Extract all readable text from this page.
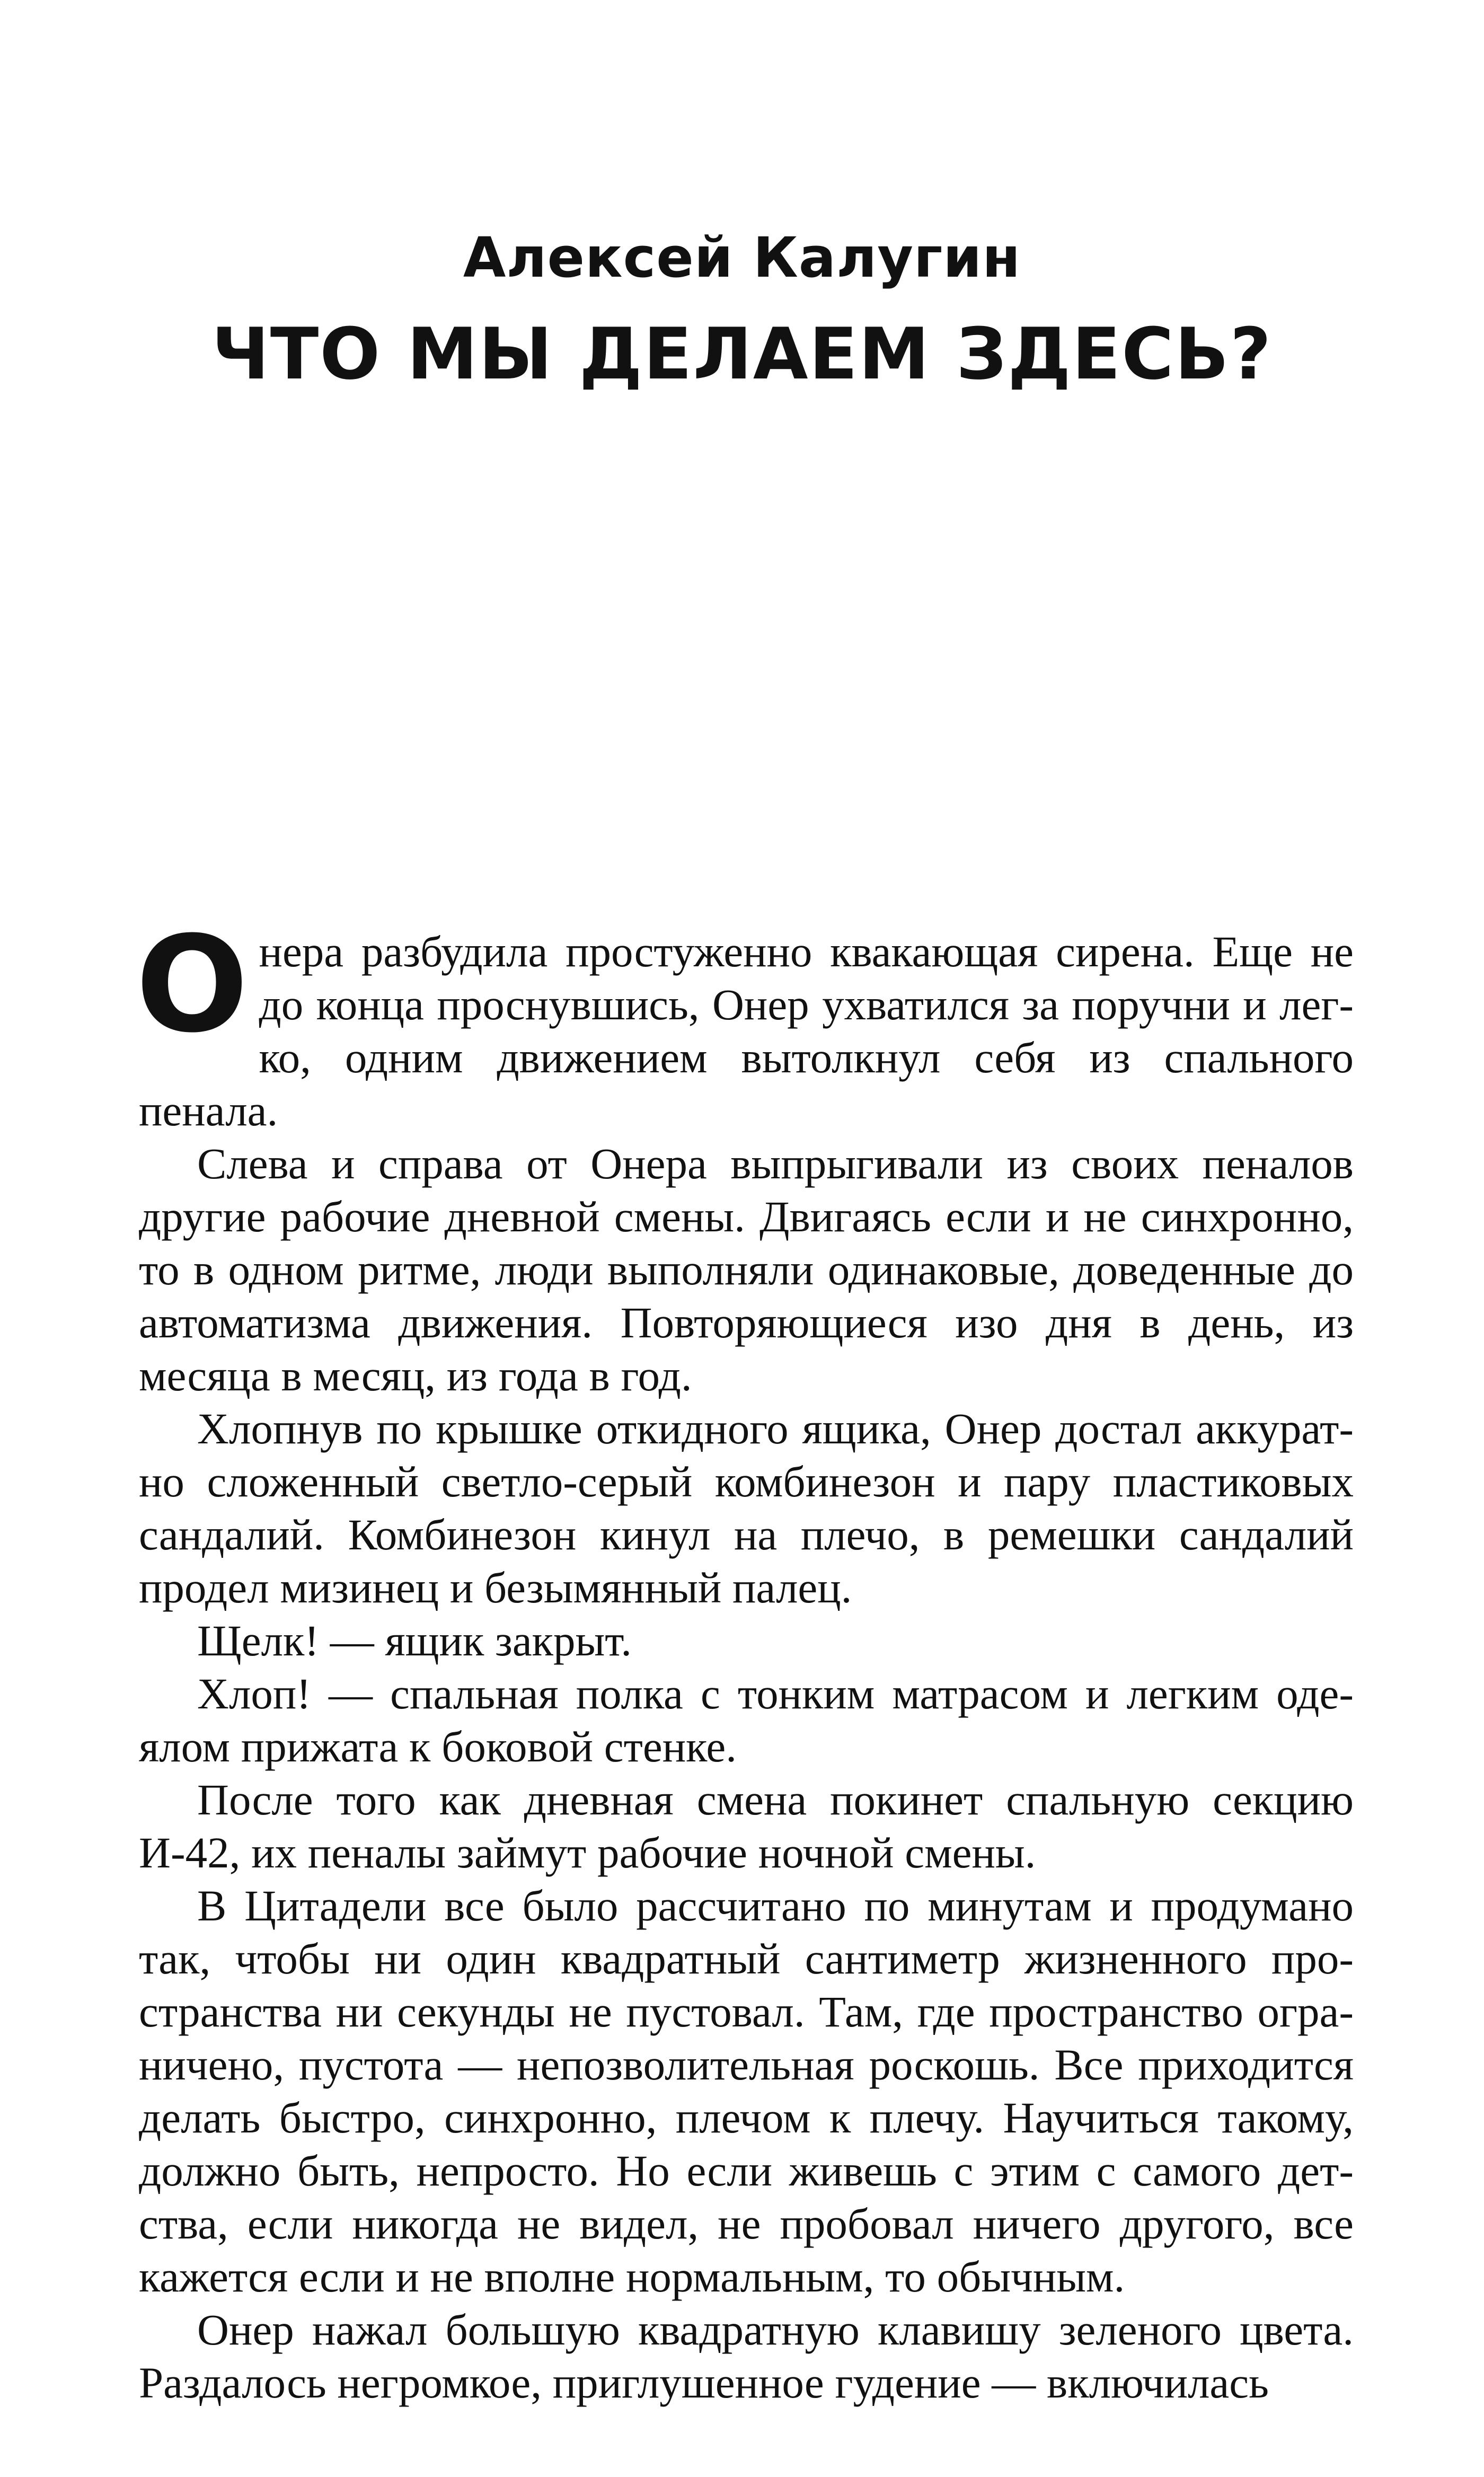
Алексей Калугин
ЧТО МЫ ДЕЛАЕМ ЗДЕСЬ?

Онера разбудила простуженно квакающая сирена. Еще не до конца проснувшись, Онер ухватился за поручни и легко, одним движением вытолкнул себя из спального пенала.

Слева и справа от Онера выпрыгивали из своих пеналов другие рабочие дневной смены. Двигаясь если и не синхронно, то в одном ритме, люди выполняли одинаковые, доведенные до автоматизма движения. Повторяющиеся изо дня в день, из месяца в месяц, из года в год.

Хлопнув по крышке откидного ящика, Онер достал аккуратно сложенный светло-серый комбинезон и пару пластиковых сандалий. Комбинезон кинул на плечо, в ремешки сандалий продел мизинец и безымянный палец.

Щелк! — ящик закрыт.

Хлоп! — спальная полка с тонким матрасом и легким одеялом прижата к боковой стенке.

После того как дневная смена покинет спальную секцию И-42, их пеналы займут рабочие ночной смены.

В Цитадели все было рассчитано по минутам и продумано так, чтобы ни один квадратный сантиметр жизненного пространства ни секунды не пустовал. Там, где пространство ограничено, пустота — непозволительная роскошь. Все приходится делать быстро, синхронно, плечом к плечу. Научиться такому, должно быть, непросто. Но если живешь с этим с самого детства, если никогда не видел, не пробовал ничего другого, все кажется если и не вполне нормальным, то обычным.

Онер нажал большую квадратную клавишу зеленого цвета. Раздалось негромкое, приглушенное гудение — включилась
